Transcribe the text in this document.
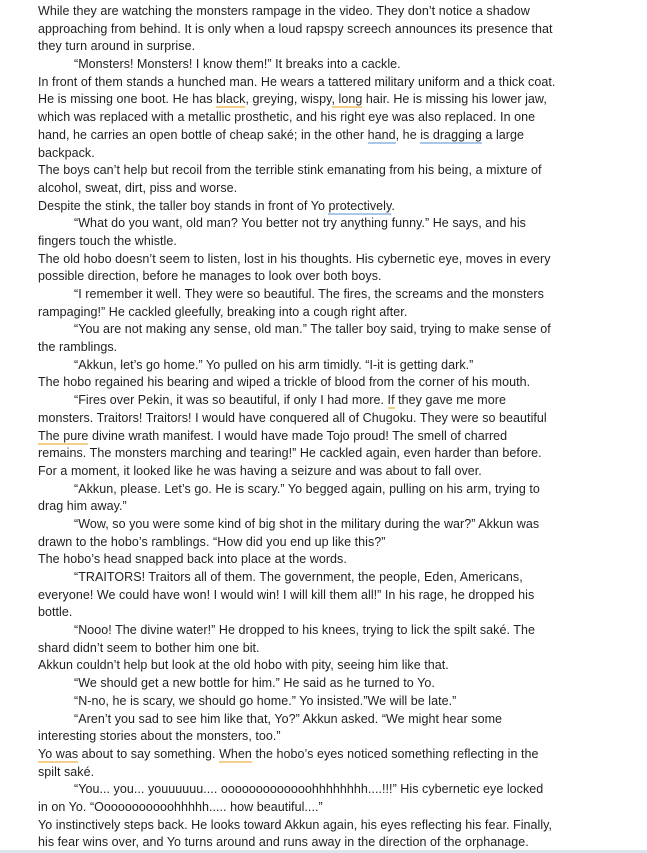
While they are watching the monsters rampage in the video. They don’t notice a shadow
approaching from behind. It is only when a loud rapspy screech announces its presence that
they turn around in surprise.
“Monsters! Monsters! I know them!” It breaks into a cackle.
In front of them stands a hunched man. He wears a tattered military uniform and a thick coat.
He is missing one boot. He has black, greying, wispy, long hair. He is missing his lower jaw,
which was replaced with a metallic prosthetic, and his right eye was also replaced. In one
hand, he carries an open bottle of cheap saké; in the other hand, he is dragging a large
backpack.
The boys can’t help but recoil from the terrible stink emanating from his being, a mixture of
alcohol, sweat, dirt, piss and worse.
Despite the stink, the taller boy stands in front of Yo protectively.
“What do you want, old man? You better not try anything funny.” He says, and his
fingers touch the whistle.
The old hobo doesn’t seem to listen, lost in his thoughts. His cybernetic eye, moves in every
possible direction, before he manages to look over both boys.
“I remember it well. They were so beautiful. The fires, the screams and the monsters
rampaging!” He cackled gleefully, breaking into a cough right after.
“You are not making any sense, old man.” The taller boy said, trying to make sense of
the ramblings.
“Akkun, let’s go home.” Yo pulled on his arm timidly. “I-it is getting dark.”
The hobo regained his bearing and wiped a trickle of blood from the corner of his mouth.
“Fires over Pekin, it was so beautiful, if only I had more. If they gave me more
monsters. Traitors! Traitors! I would have conquered all of Chugoku. They were so beautiful
The pure divine wrath manifest. I would have made Tojo proud! The smell of charred
remains. The monsters marching and tearing!” He cackled again, even harder than before.
For a moment, it looked like he was having a seizure and was about to fall over.
“Akkun, please. Let’s go. He is scary.” Yo begged again, pulling on his arm, trying to
drag him away.”
“Wow, so you were some kind of big shot in the military during the war?” Akkun was
drawn to the hobo’s ramblings. “How did you end up like this?”
The hobo’s head snapped back into place at the words.
“TRAITORS! Traitors all of them. The government, the people, Eden, Americans,
everyone! We could have won! I would win! I will kill them all!” In his rage, he dropped his
bottle.
“Nooo! The divine water!” He dropped to his knees, trying to lick the spilt saké. The
shard didn’t seem to bother him one bit.
Akkun couldn’t help but look at the old hobo with pity, seeing him like that.
“We should get a new bottle for him.” He said as he turned to Yo.
“N-no, he is scary, we should go home.” Yo insisted.”We will be late.”
“Aren’t you sad to see him like that, Yo?” Akkun asked. “We might hear some
interesting stories about the monsters, too.”
Yo was about to say something. When the hobo’s eyes noticed something reflecting in the
spilt saké.
“You... you... youuuuuu.... ooooooooooooohhhhhhhh....!!!” His cybernetic eye locked
in on Yo. “Ooooooooooohhhhh..... how beautiful....”
Yo instinctively steps back. He looks toward Akkun again, his eyes reflecting his fear. Finally,
his fear wins over, and Yo turns around and runs away in the direction of the orphanage.
